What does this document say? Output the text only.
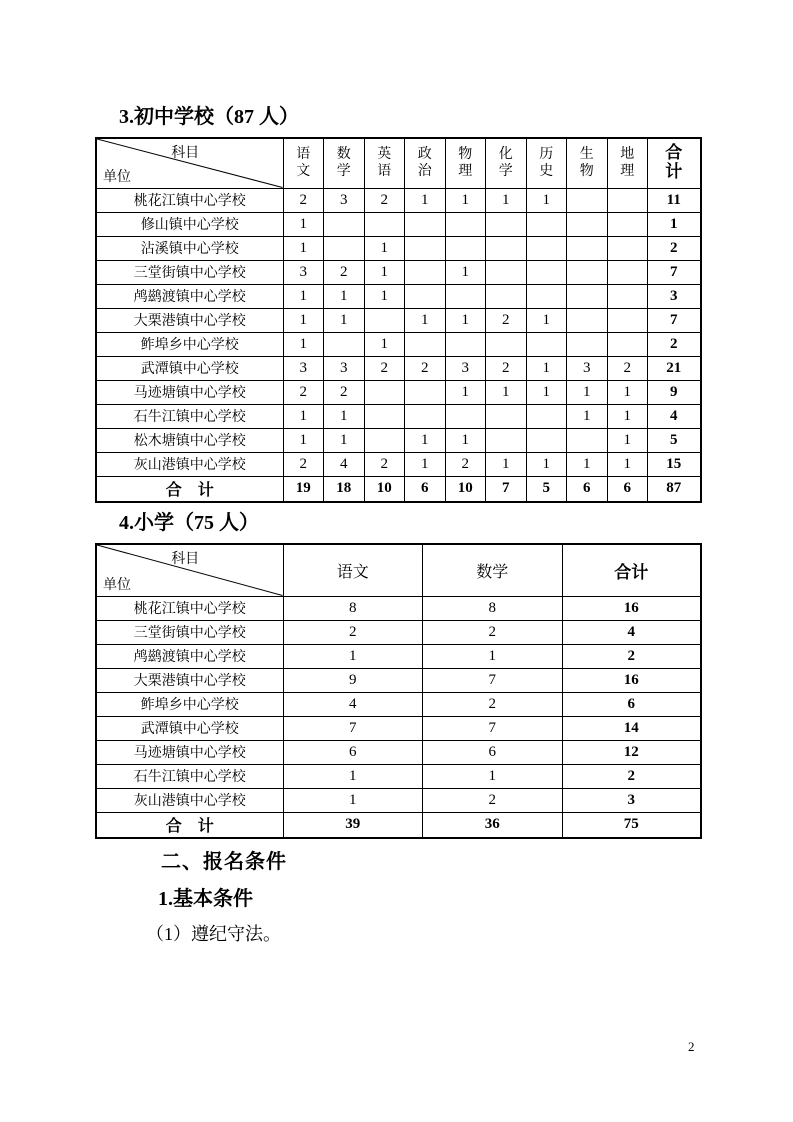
3.初中学校（87 人）
科目
单位	语文	数学	英语	政治	物理	化学	历史	生物	地理	合计
桃花江镇中心学校	2	3	2	1	1	1	1			11
修山镇中心学校	1									1
沾溪镇中心学校	1		1							2
三堂街镇中心学校	3	2	1		1					7
鸬鹚渡镇中心学校	1	1	1							3
大栗港镇中心学校	1	1		1	1	2	1			7
鲊埠乡中心学校	1		1							2
武潭镇中心学校	3	3	2	2	3	2	1	3	2	21
马迹塘镇中心学校	2	2			1	1	1	1	1	9
石牛江镇中心学校	1	1						1	1	4
松木塘镇中心学校	1	1		1	1				1	5
灰山港镇中心学校	2	4	2	1	2	1	1	1	1	15
合　计	19	18	10	6	10	7	5	6	6	87
4.小学（75 人）
科目
单位	语文	数学	合计
桃花江镇中心学校	8	8	16
三堂街镇中心学校	2	2	4
鸬鹚渡镇中心学校	1	1	2
大栗港镇中心学校	9	7	16
鲊埠乡中心学校	4	2	6
武潭镇中心学校	7	7	14
马迹塘镇中心学校	6	6	12
石牛江镇中心学校	1	1	2
灰山港镇中心学校	1	2	3
合　计	39	36	75
二、报名条件
1.基本条件
（1）遵纪守法。
2
